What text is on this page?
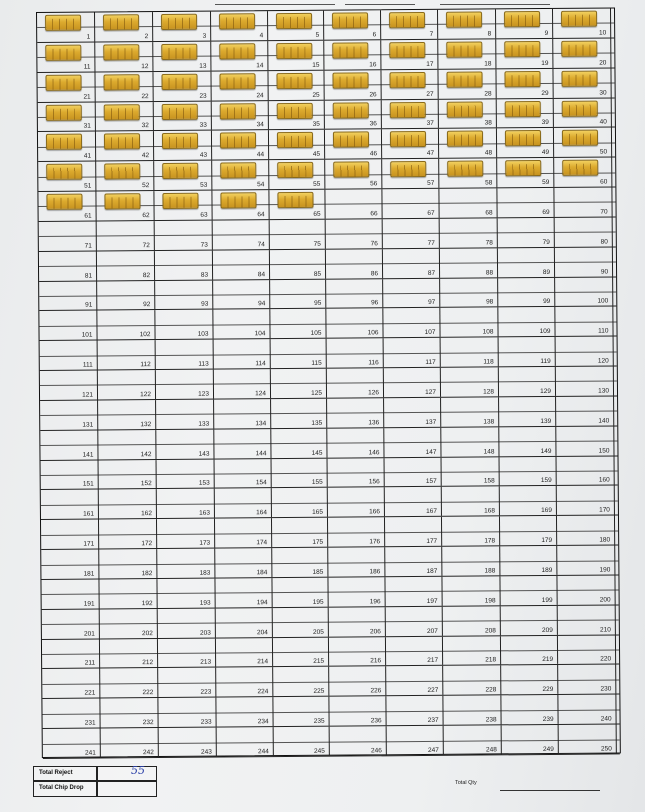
1	2	3	4	5	6	7	8	9	10
11	12	13	14	15	16	17	18	19	20
21	22	23	24	25	26	27	28	29	30
31	32	33	34	35	36	37	38	39	40
41	42	43	44	45	46	47	48	49	50
51	52	53	54	55	56	57	58	59	60
61	62	63	64	65	66	67	68	69	70
71	72	73	74	75	76	77	78	79	80
81	82	83	84	85	86	87	88	89	90
91	92	93	94	95	96	97	98	99	100
101	102	103	104	105	106	107	108	109	110
111	112	113	114	115	116	117	118	119	120
121	122	123	124	125	126	127	128	129	130
131	132	133	134	135	136	137	138	139	140
141	142	143	144	145	146	147	148	149	150
151	152	153	154	155	156	157	158	159	160
161	162	163	164	165	166	167	168	169	170
171	172	173	174	175	176	177	178	179	180
181	182	183	184	185	186	187	188	189	190
191	192	193	194	195	196	197	198	199	200
201	202	203	204	205	206	207	208	209	210
211	212	213	214	215	216	217	218	219	220
221	222	223	224	225	226	227	228	229	230
231	232	233	234	235	236	237	238	239	240
241	242	243	244	245	246	247	248	249	250
Total Reject	55
Total Chip Drop
Total Qty
